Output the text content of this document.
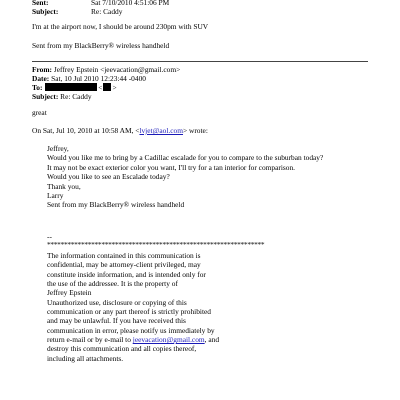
Sent:	Sat 7/10/2010 4:51:06 PM
Subject:	Re: Caddy
I'm at the airport now, I should be around 230pm with SUV
Sent from my BlackBerry® wireless handheld
From: Jeffrey Epstein <jeevacation@gmail.com>
Date: Sat, 10 Jul 2010 12:23:44 -0400
To:	< >
Subject: Re: Caddy
great
On Sat, Jul 10, 2010 at 10:58 AM, <lvjet@aol.com> wrote:
Jeffrey,
Would you like me to bring by a Cadillac escalade for you to compare to the suburban today?
It may not be exact exterior color you want, I'll try for a tan interior for comparison.
Would you like to see an Escalade today?
Thank you,
Larry
Sent from my BlackBerry® wireless handheld
--
****************************************************************
The information contained in this communication is
confidential, may be attorney-client privileged, may
constitute inside information, and is intended only for
the use of the addressee. It is the property of
Jeffrey Epstein
Unauthorized use, disclosure or copying of this
communication or any part thereof is strictly prohibited
and may be unlawful. If you have received this
communication in error, please notify us immediately by
return e-mail or by e-mail to jeevacation@gmail.com, and
destroy this communication and all copies thereof,
including all attachments.
